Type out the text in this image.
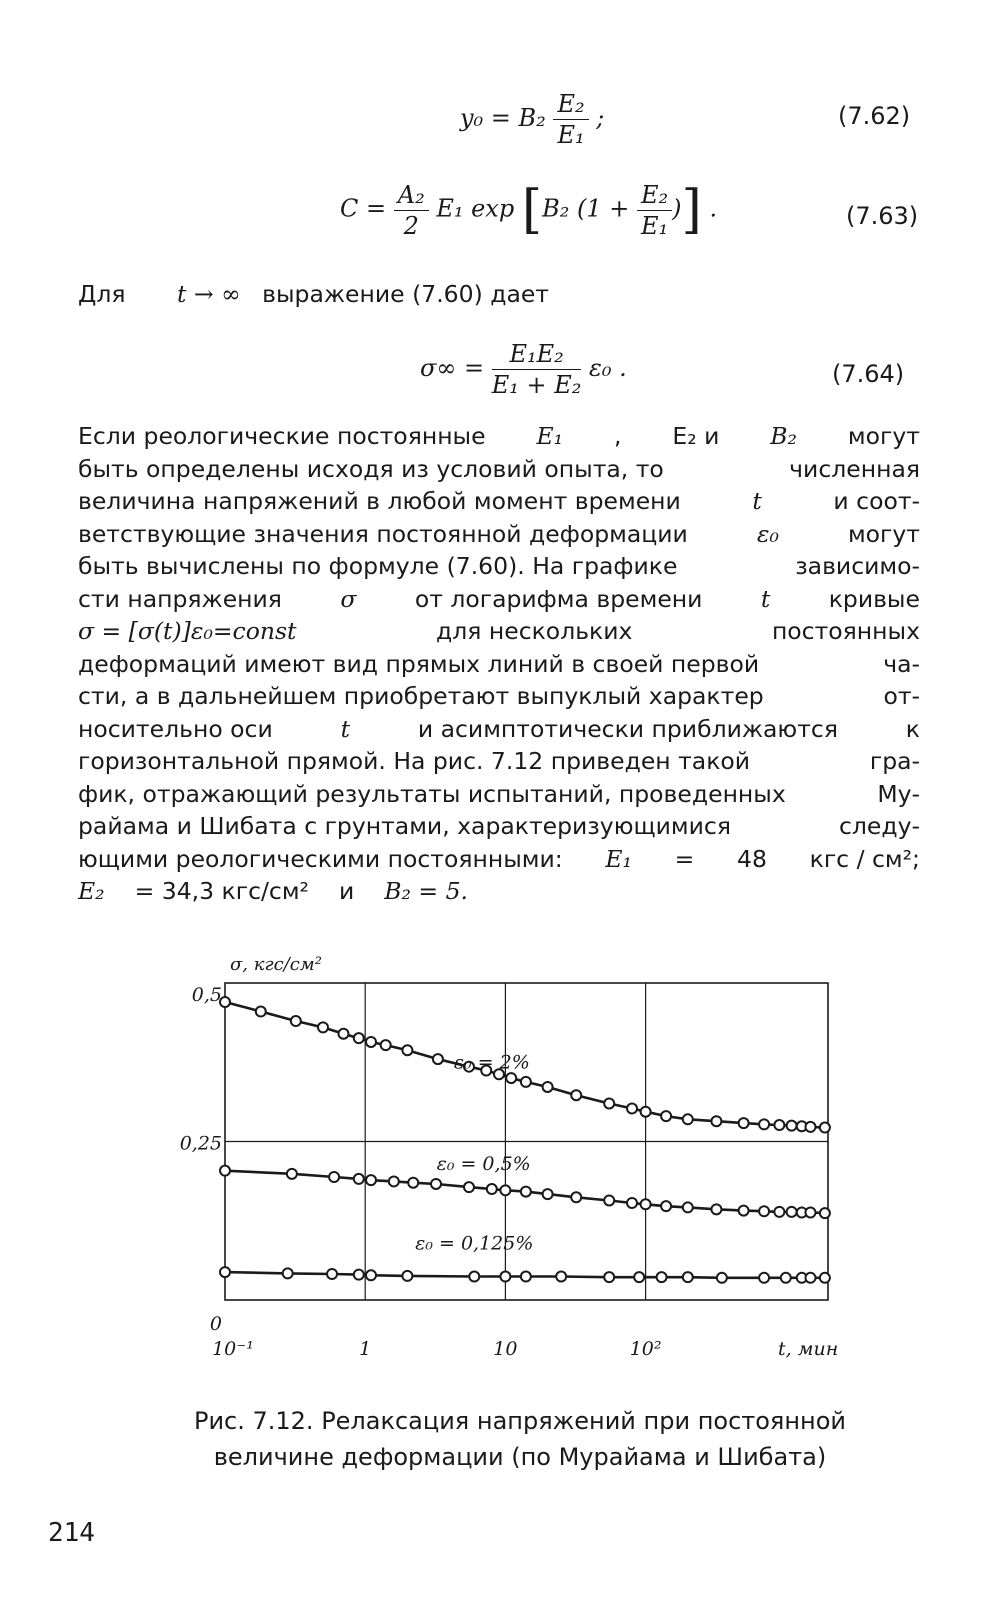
$y_0 = B_2 \frac{\text{E₂}}{\text{E₁}}$ ;	(7.62)
$C = \frac{\text{A₂}}{2} E_1$ exp [B₂ ($1 + \frac{\text{E₂}}{\text{E₁}}$ )] .	(7.63)
Для t → ∞ выражение (7.60) дает
$\sigma\infty = \frac{\text{E₁E₂}}{\text{E₁ + E₂}} \varepsilon_0$ .	(7.64)
Если реологические постоянные E₁ , E₂ и B₂ могут
быть определены исходя из условий опыта, то	численная
величина напряжений в любой момент времени	t	и соот-
ветствующие значения постоянной деформации	ε₀	могут
быть вычислены по формуле (7.60). На графике	зависимо-
сти напряжения σ от логарифма времени t кривые
σ = [σ(t)]ε₀=const	для нескольких	постоянных
деформаций имеют вид прямых линий в своей первой	ча-
сти, а в дальнейшем приобретают выпуклый характер	от-
носительно оси	t	и асимптотически приближаются	к
горизонтальной прямой. На рис. 7.12 приведен такой	гра-
фик, отражающий результаты испытаний, проведенных	Му-
райама и Шибата с грунтами, характеризующимися	следу-
ющими реологическими постоянными: E₁ = 48 кгс / см²;
E₂ = 34,3 кгс/см² и B₂ = 5.
0
0,25
0,5
10⁻¹	1	10	10²
σ, кгс/см²
t, мин
ε₀ = 2%
ε₀ = 0,5%
ε₀ = 0,125%
Рис. 7.12. Релаксация напряжений при постоянной
величине деформации (по Мурайама и Шибата)
214
